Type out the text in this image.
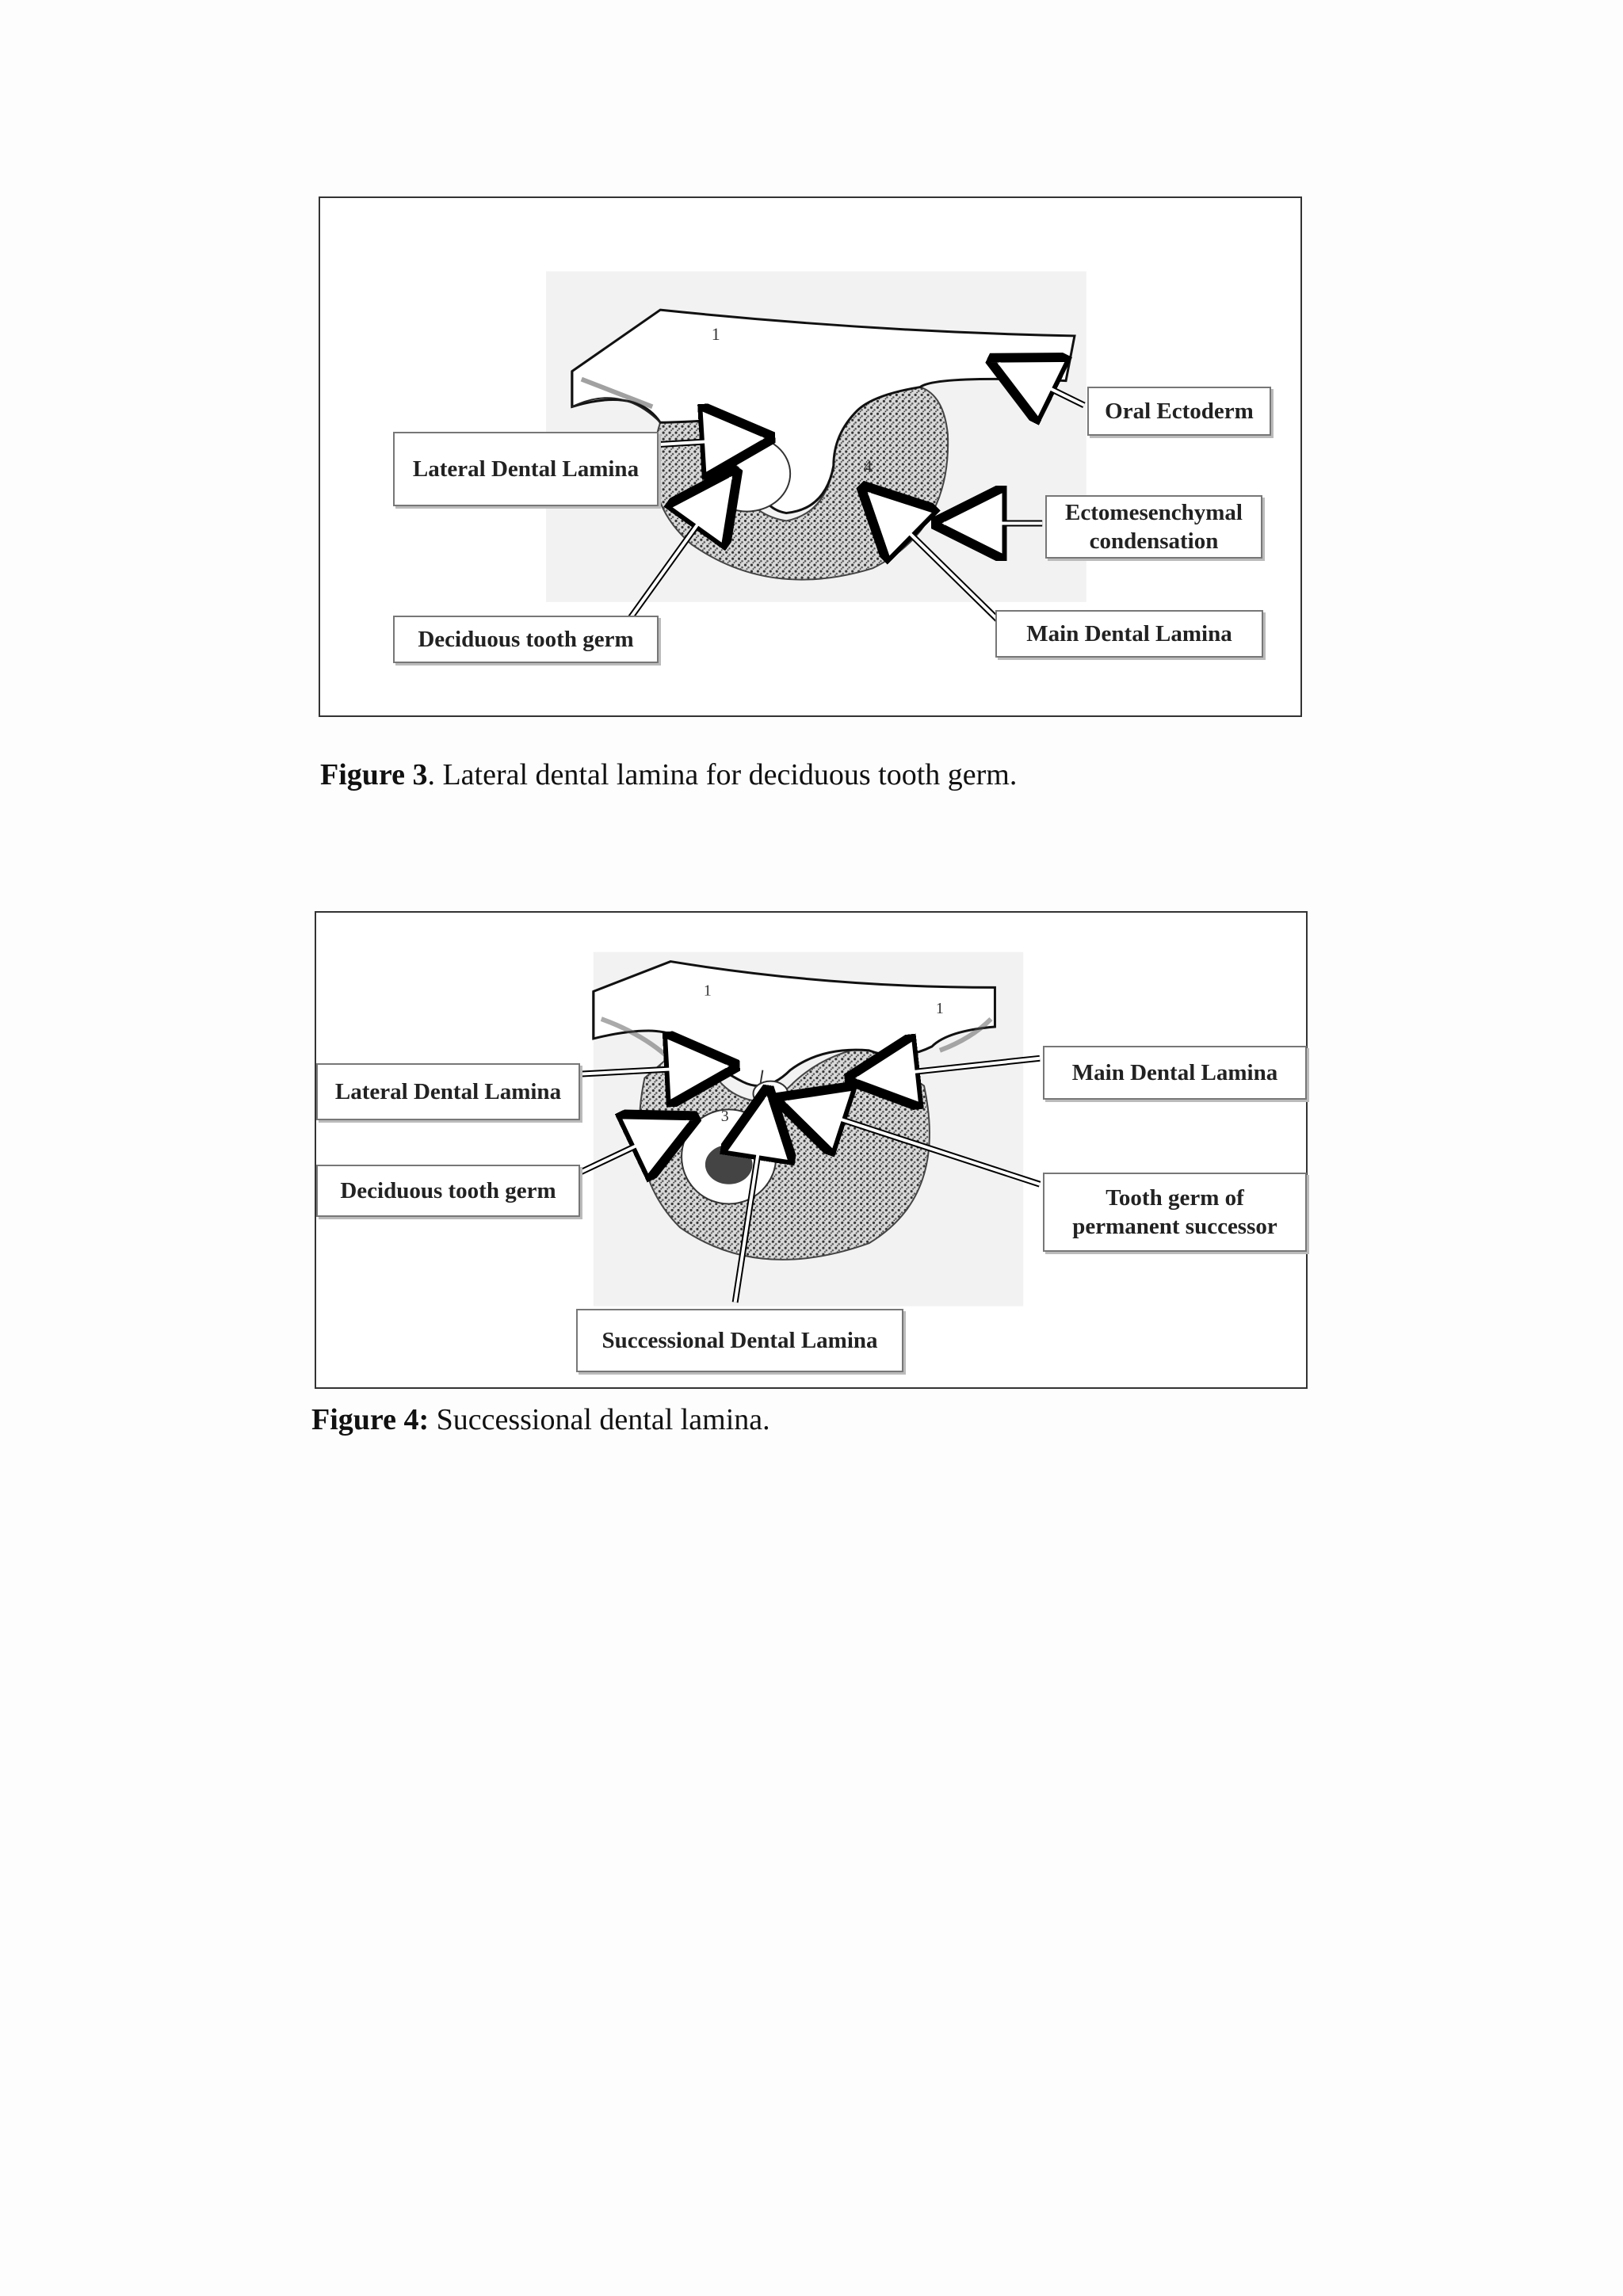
1
4
Lateral Dental Lamina
Deciduous tooth germ
Oral Ectoderm
Ectomesenchymal
condensation
Main Dental Lamina
Figure 3. Lateral dental lamina for deciduous tooth germ.
1
1
3
Lateral Dental Lamina
Deciduous tooth germ
Main Dental Lamina
Tooth germ of
permanent successor
Successional Dental Lamina
Figure 4: Successional dental lamina.
